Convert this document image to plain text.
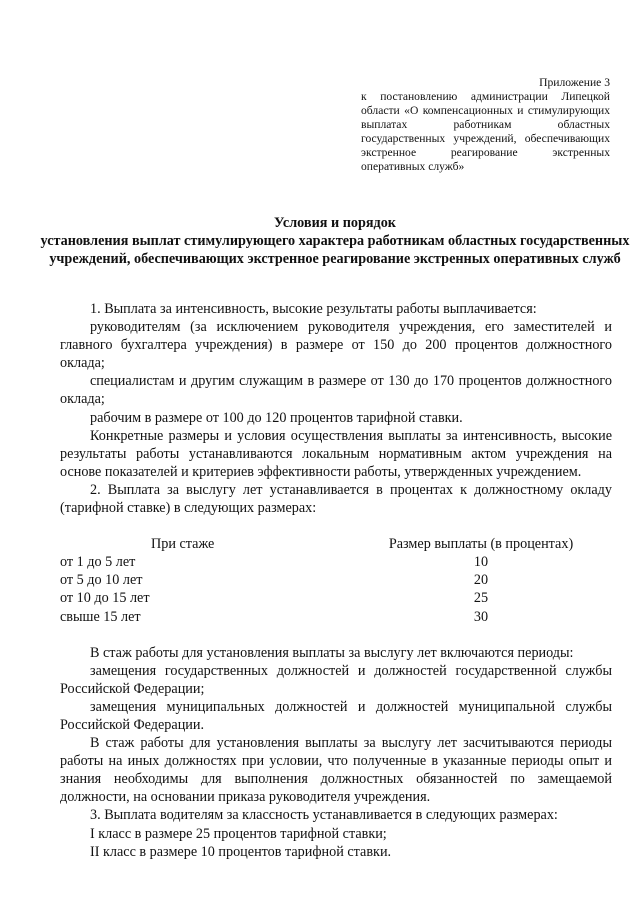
Приложение 3
к постановлению администрации Липецкой области «О компенсационных и стимулирующих выплатах работникам областных государственных учреждений, обеспечивающих экстренное реагирование экстренных оперативных служб»
Условия и порядок
установления выплат стимулирующего характера работникам областных государственных учреждений, обеспечивающих экстренное реагирование экстренных оперативных служб

1. Выплата за интенсивность, высокие результаты работы выплачивается:

руководителям (за исключением руководителя учреждения, его заместителей и главного бухгалтера учреждения) в размере от 150 до 200 процентов должностного оклада;

специалистам и другим служащим в размере от 130 до 170 процентов должностного оклада;

рабочим в размере от 100 до 120 процентов тарифной ставки.

Конкретные размеры и условия осуществления выплаты за интенсивность, высокие результаты работы устанавливаются локальным нормативным актом учреждения на основе показателей и критериев эффективности работы, утвержденных учреждением.

2. Выплата за выслугу лет устанавливается в процентах к должностному окладу (тарифной ставке) в следующих размерах:

При стаже	Размер выплаты (в процентах)
от 1 до 5 лет	10
от 5 до 10 лет	20
от 10 до 15 лет	25
свыше 15 лет	30

В стаж работы для установления выплаты за выслугу лет включаются периоды:

замещения государственных должностей и должностей государственной службы Российской Федерации;

замещения муниципальных должностей и должностей муниципальной службы Российской Федерации.

В стаж работы для установления выплаты за выслугу лет засчитываются периоды работы на иных должностях при условии, что полученные в указанные периоды опыт и знания необходимы для выполнения должностных обязанностей по замещаемой должности, на основании приказа руководителя учреждения.

3. Выплата водителям за классность устанавливается в следующих размерах:

I класс в размере 25 процентов тарифной ставки;

II класс в размере 10 процентов тарифной ставки.
